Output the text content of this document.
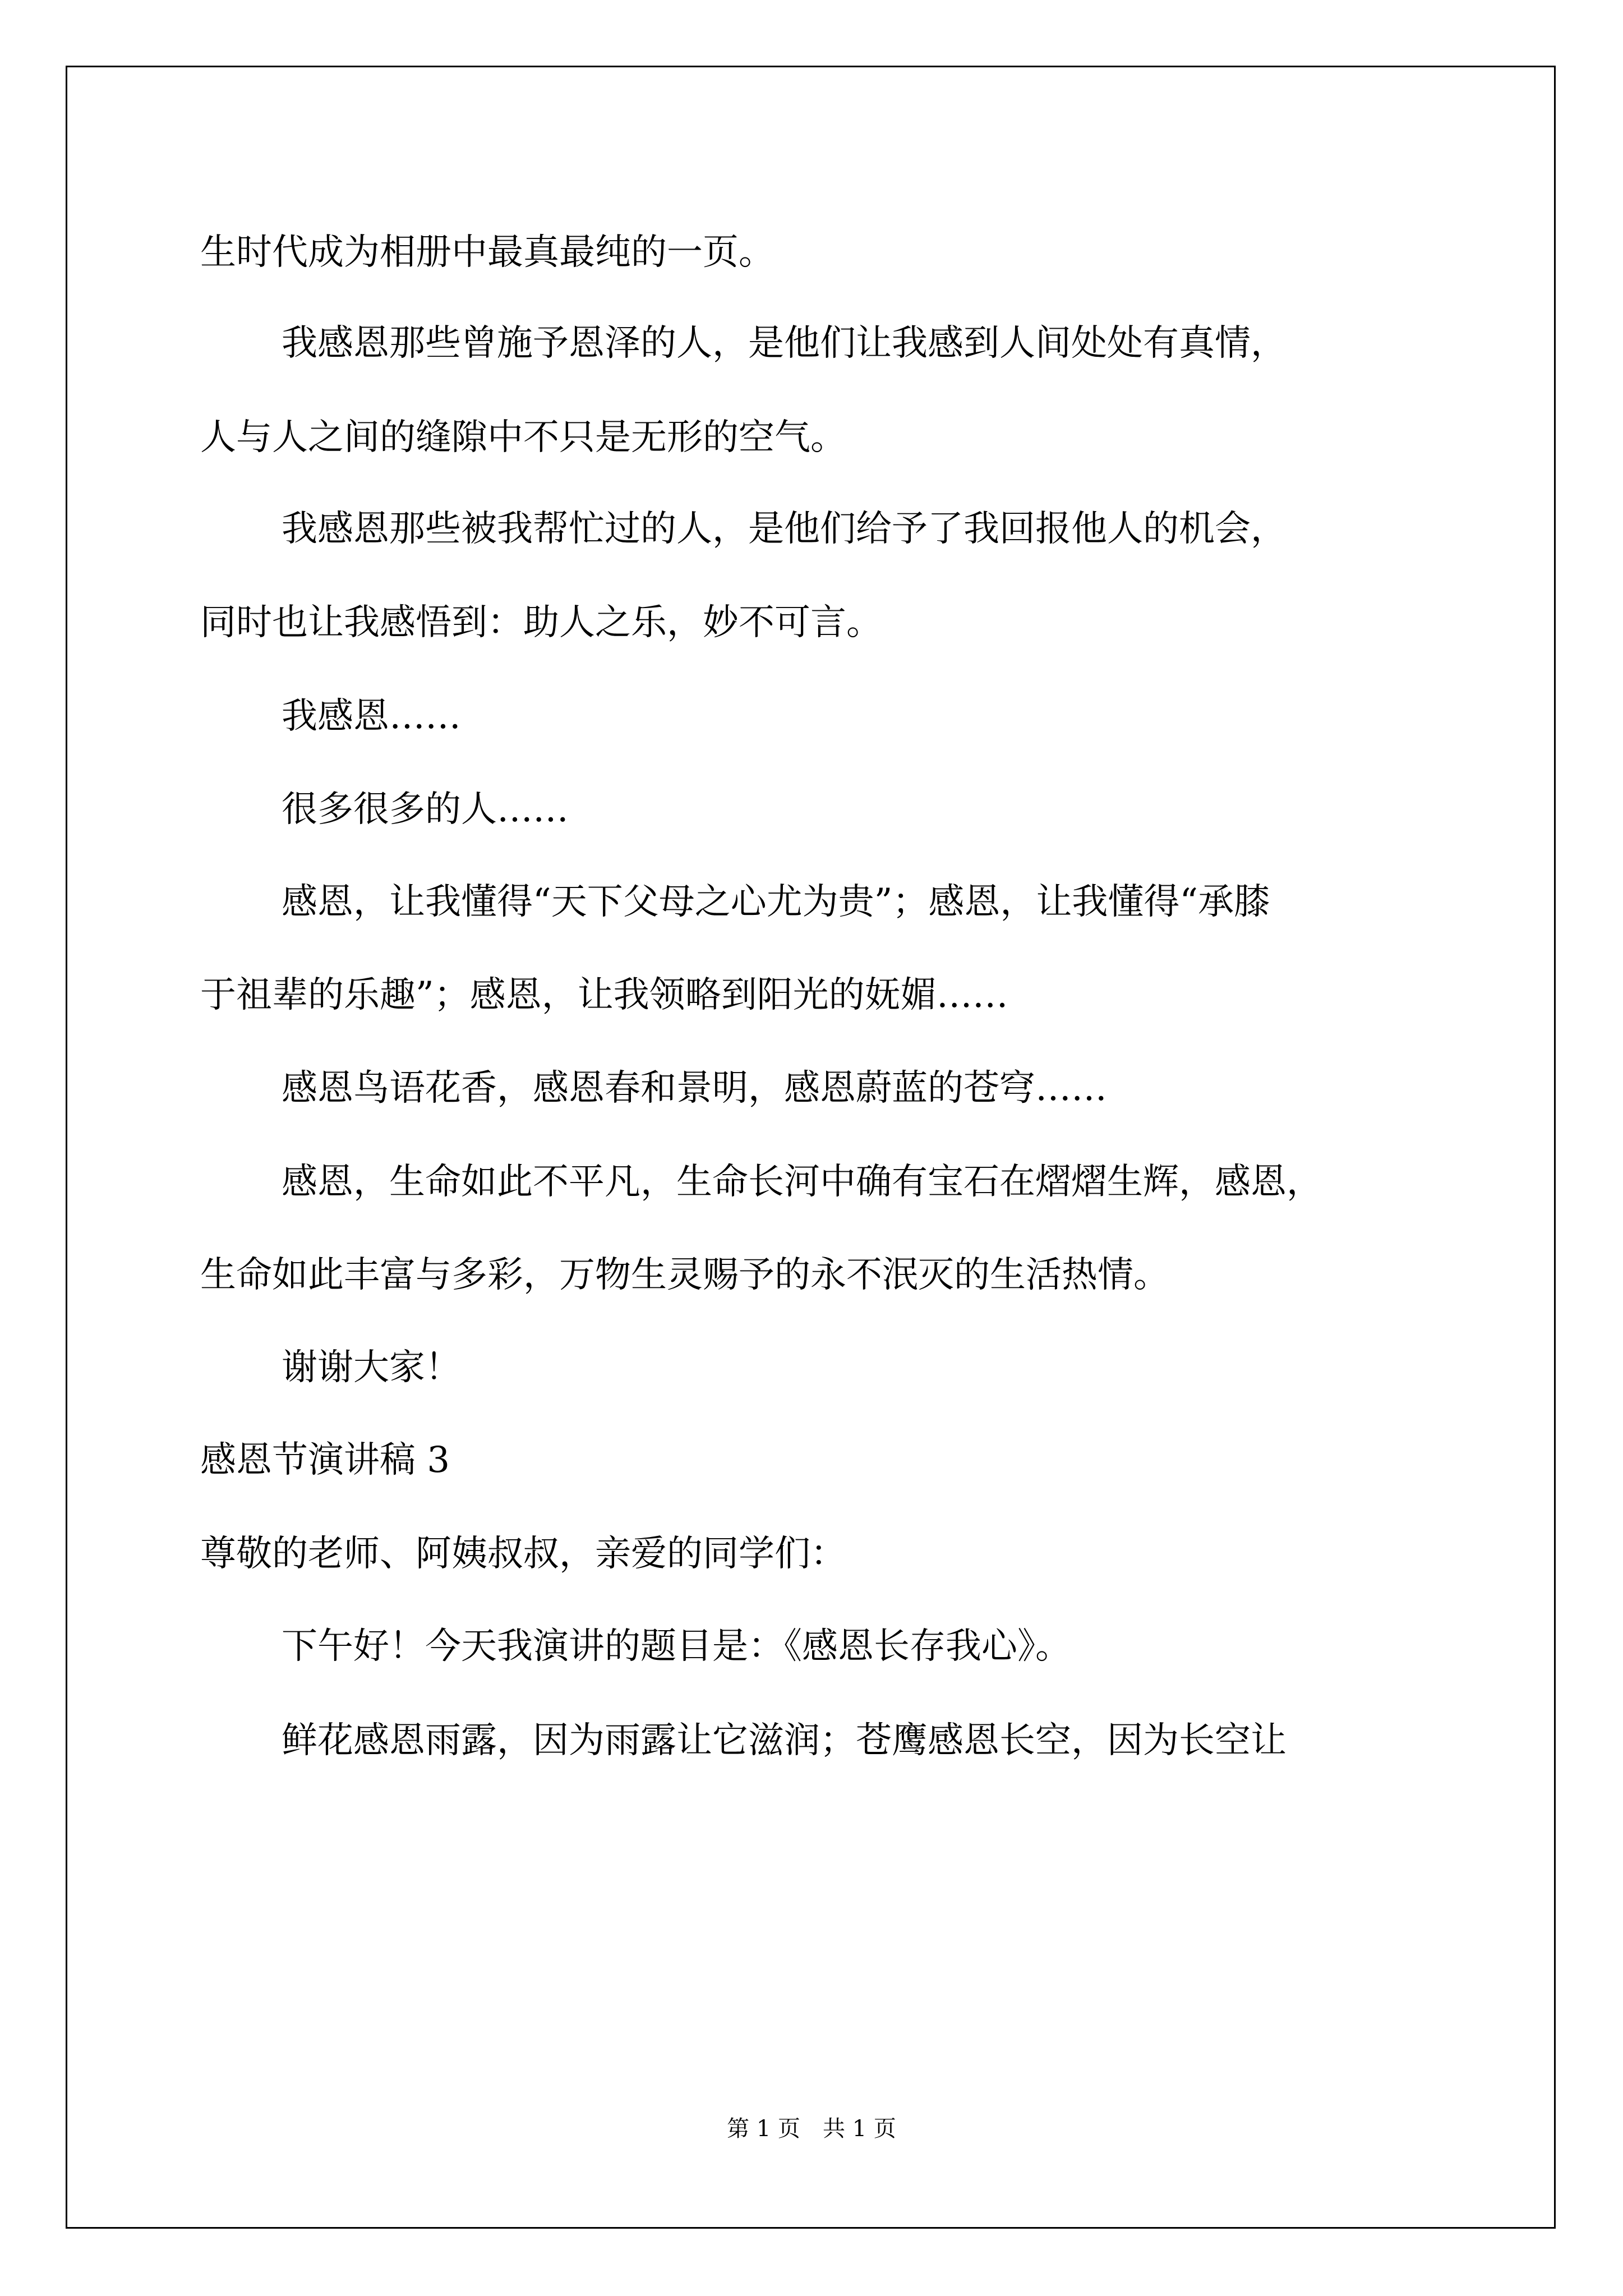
生时代成为相册中最真最纯的一页。

我感恩那些曾施予恩泽的人，是他们让我感到人间处处有真情，

人与人之间的缝隙中不只是无形的空气。

我感恩那些被我帮忙过的人，是他们给予了我回报他人的机会，

同时也让我感悟到：助人之乐，妙不可言。

我感恩……

很多很多的人……

感恩，让我懂得“天下父母之心尤为贵”；感恩，让我懂得“承膝

于祖辈的乐趣”；感恩，让我领略到阳光的妩媚……

感恩鸟语花香，感恩春和景明，感恩蔚蓝的苍穹……

感恩，生命如此不平凡，生命长河中确有宝石在熠熠生辉，感恩，

生命如此丰富与多彩，万物生灵赐予的永不泯灭的生活热情。

谢谢大家！

感恩节演讲稿 3

尊敬的老师、阿姨叔叔，亲爱的同学们：

下午好！今天我演讲的题目是：《感恩长存我心》。

鲜花感恩雨露，因为雨露让它滋润；苍鹰感恩长空，因为长空让

第 1 页　共 1 页
